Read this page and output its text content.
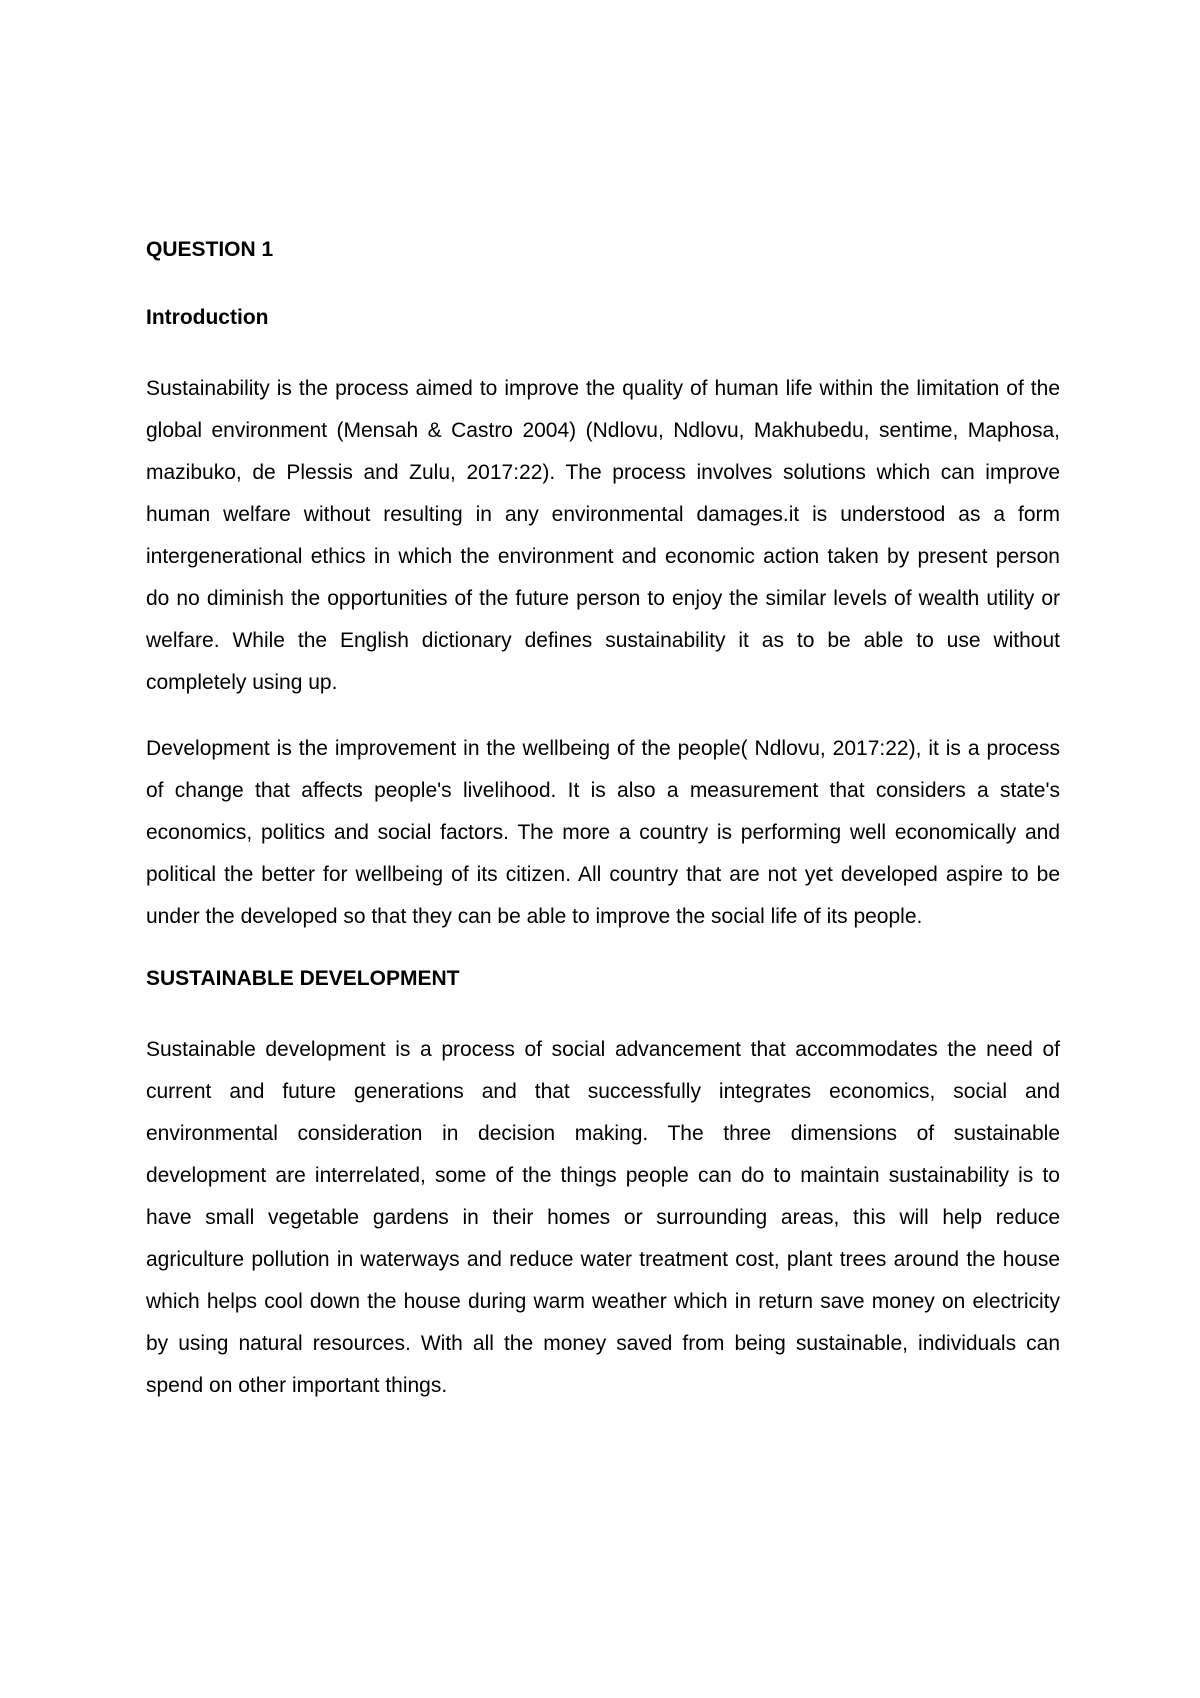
QUESTION 1

Introduction

Sustainability is the process aimed to improve the quality of human life within the limitation of the global environment (Mensah & Castro 2004) (Ndlovu, Ndlovu, Makhubedu, sentime, Maphosa, mazibuko, de Plessis and Zulu, 2017:22). The process involves solutions which can improve human welfare without resulting in any environmental damages.it is understood as a form intergenerational ethics in which the environment and economic action taken by present person do no diminish the opportunities of the future person to enjoy the similar levels of wealth utility or welfare. While the English dictionary defines sustainability it as to be able to use without completely using up.

Development is the improvement in the wellbeing of the people( Ndlovu, 2017:22), it is a process of change that affects people's livelihood. It is also a measurement that considers a state's economics, politics and social factors. The more a country is performing well economically and political the better for wellbeing of its citizen. All country that are not yet developed aspire to be under the developed so that they can be able to improve the social life of its people.

SUSTAINABLE DEVELOPMENT

Sustainable development is a process of social advancement that accommodates the need of current and future generations and that successfully integrates economics, social and environmental consideration in decision making. The three dimensions of sustainable development are interrelated, some of the things people can do to maintain sustainability is to have small vegetable gardens in their homes or surrounding areas, this will help reduce agriculture pollution in waterways and reduce water treatment cost, plant trees around the house which helps cool down the house during warm weather which in return save money on electricity by using natural resources. With all the money saved from being sustainable, individuals can spend on other important things.
